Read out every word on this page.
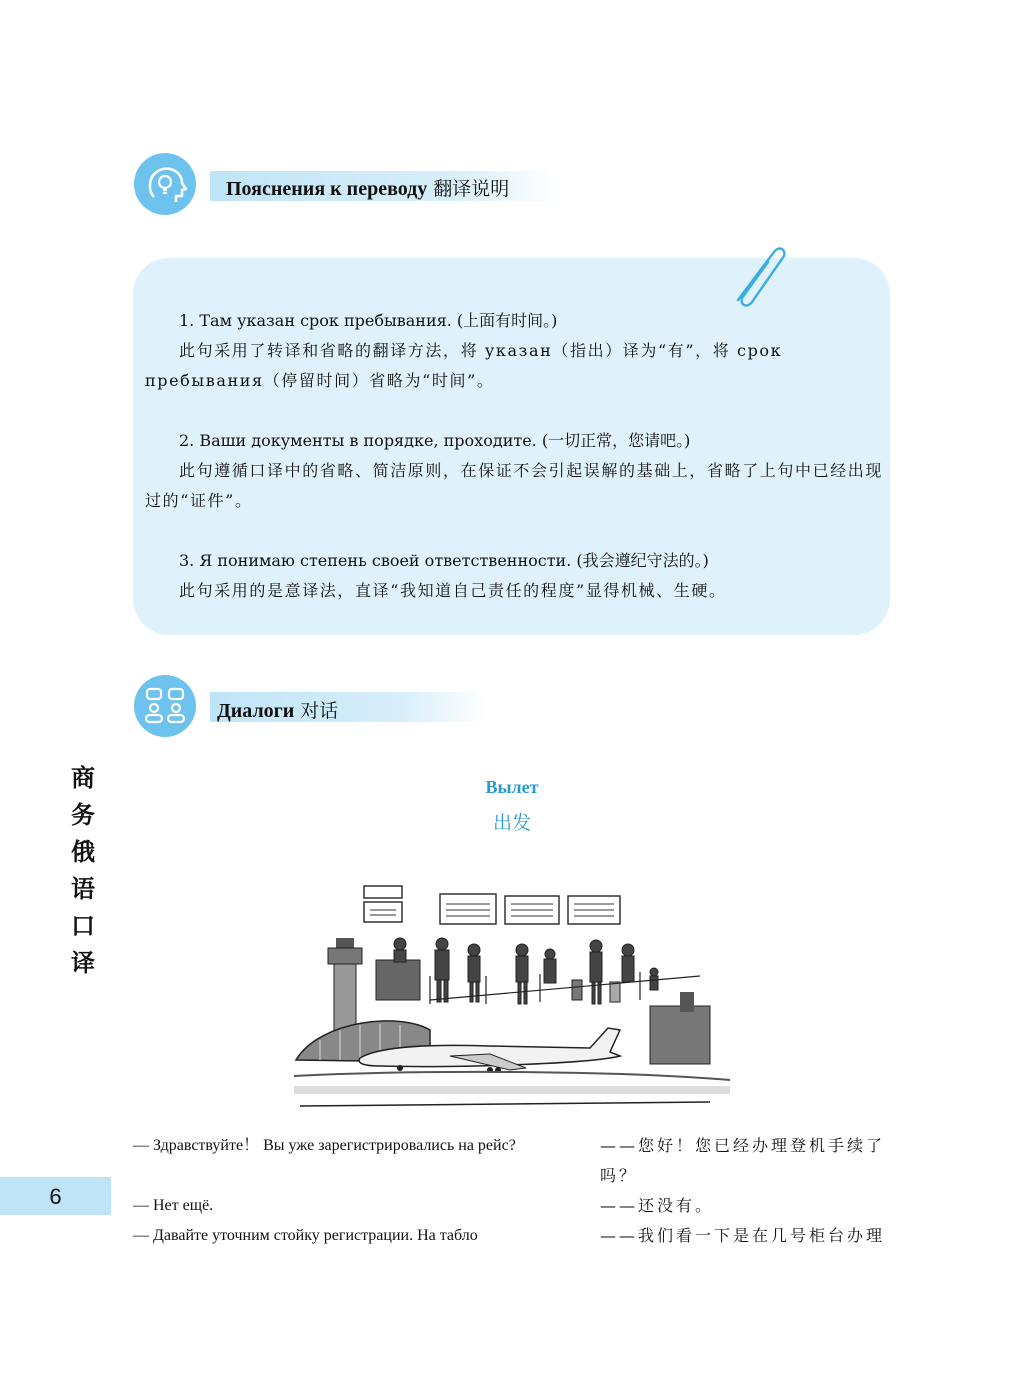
Пояснения к переводу 翻译说明
1. Там указан срок пребывания. (上面有时间。)
此句采用了转译和省略的翻译方法，将 указан（指出）译为“有”，将 срок пребывания（停留时间）省略为“时间”。
2. Ваши документы в порядке, проходите. (一切正常，您请吧。)
此句遵循口译中的省略、简洁原则，在保证不会引起误解的基础上，省略了上句中已经出现过的“证件”。
3. Я понимаю степень своей ответственности. (我会遵纪守法的。)
此句采用的是意译法，直译“我知道自己责任的程度”显得机械、生硬。
Диалоги 对话
商务俄语口译
Вылет
出发
— Здравствуйте！ Вы уже зарегистрировались на рейс?	——您好！您已经办理登机手续了吗？
— Нет ещё.	——还没有。
— Давайте уточним стойку регистрации. На табло	——我们看一下是在几号柜台办理
6
